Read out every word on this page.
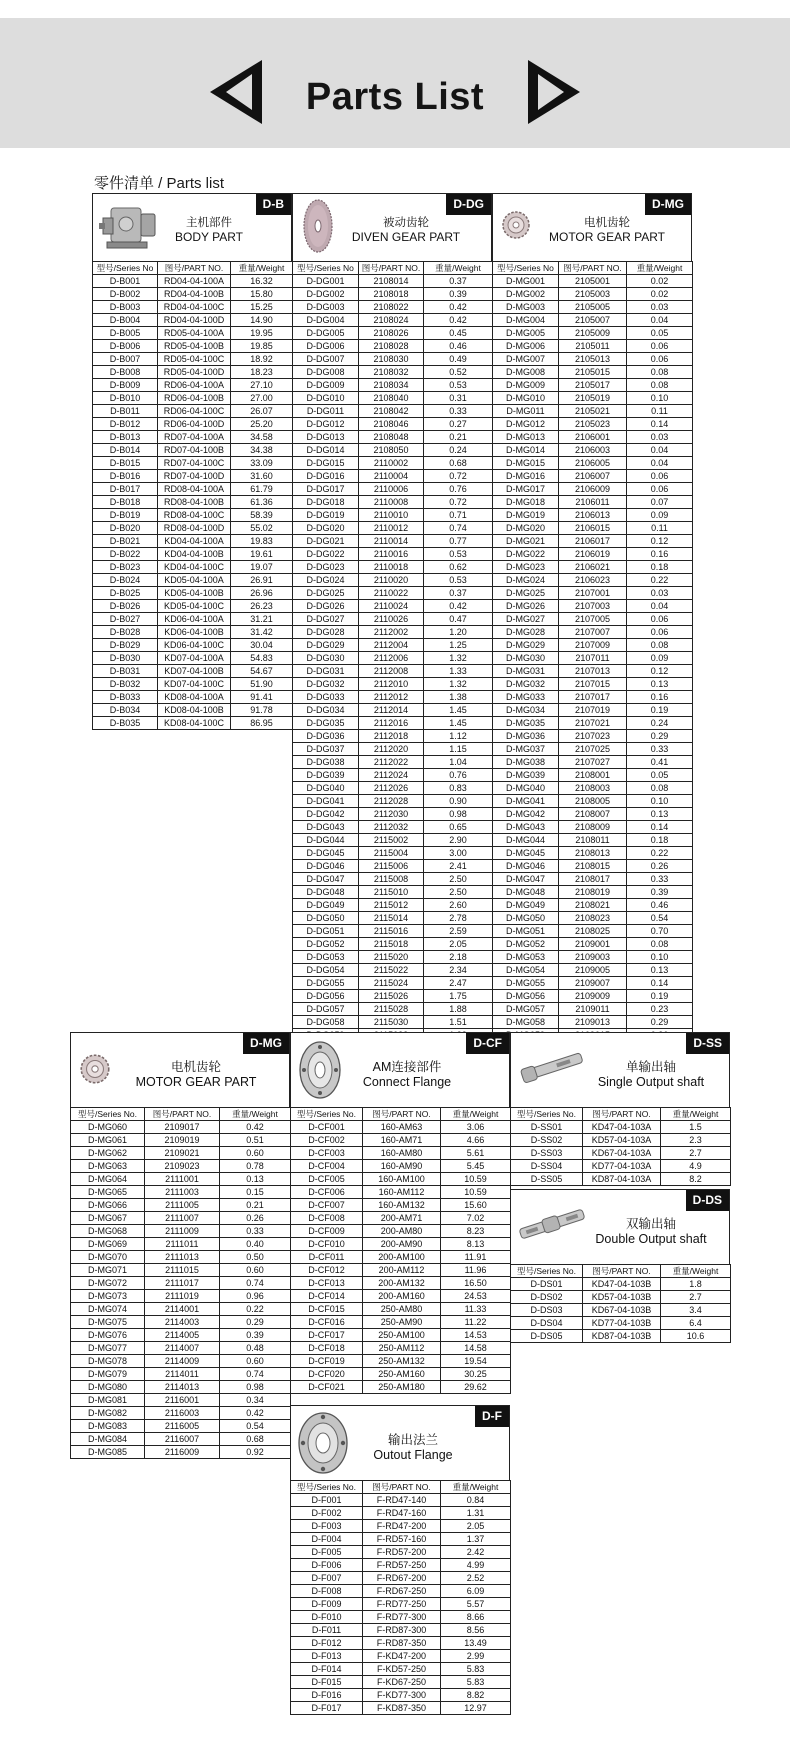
Parts List
零件清单 / Parts list
主机部件
BODY PART
D-B
型号/Series No	图号/PART NO.	重量/Weight
D-B001	RD04-04-100A	16.32
D-B002	RD04-04-100B	15.80
D-B003	RD04-04-100C	15.25
D-B004	RD04-04-100D	14.90
D-B005	RD05-04-100A	19.95
D-B006	RD05-04-100B	19.85
D-B007	RD05-04-100C	18.92
D-B008	RD05-04-100D	18.23
D-B009	RD06-04-100A	27.10
D-B010	RD06-04-100B	27.00
D-B011	RD06-04-100C	26.07
D-B012	RD06-04-100D	25.20
D-B013	RD07-04-100A	34.58
D-B014	RD07-04-100B	34.38
D-B015	RD07-04-100C	33.09
D-B016	RD07-04-100D	31.60
D-B017	RD08-04-100A	61.79
D-B018	RD08-04-100B	61.36
D-B019	RD08-04-100C	58.39
D-B020	RD08-04-100D	55.02
D-B021	KD04-04-100A	19.83
D-B022	KD04-04-100B	19.61
D-B023	KD04-04-100C	19.07
D-B024	KD05-04-100A	26.91
D-B025	KD05-04-100B	26.96
D-B026	KD05-04-100C	26.23
D-B027	KD06-04-100A	31.21
D-B028	KD06-04-100B	31.42
D-B029	KD06-04-100C	30.04
D-B030	KD07-04-100A	54.83
D-B031	KD07-04-100B	54.67
D-B032	KD07-04-100C	51.90
D-B033	KD08-04-100A	91.41
D-B034	KD08-04-100B	91.78
D-B035	KD08-04-100C	86.95
被动齿轮
DIVEN GEAR PART
D-DG
型号/Series No	图号/PART NO.	重量/Weight
D-DG001	2108014	0.37
D-DG002	2108018	0.39
D-DG003	2108022	0.42
D-DG004	2108024	0.42
D-DG005	2108026	0.45
D-DG006	2108028	0.46
D-DG007	2108030	0.49
D-DG008	2108032	0.52
D-DG009	2108034	0.53
D-DG010	2108040	0.31
D-DG011	2108042	0.33
D-DG012	2108046	0.27
D-DG013	2108048	0.21
D-DG014	2108050	0.24
D-DG015	2110002	0.68
D-DG016	2110004	0.72
D-DG017	2110006	0.76
D-DG018	2110008	0.72
D-DG019	2110010	0.71
D-DG020	2110012	0.74
D-DG021	2110014	0.77
D-DG022	2110016	0.53
D-DG023	2110018	0.62
D-DG024	2110020	0.53
D-DG025	2110022	0.37
D-DG026	2110024	0.42
D-DG027	2110026	0.47
D-DG028	2112002	1.20
D-DG029	2112004	1.25
D-DG030	2112006	1.32
D-DG031	2112008	1.33
D-DG032	2112010	1.32
D-DG033	2112012	1.38
D-DG034	2112014	1.45
D-DG035	2112016	1.45
D-DG036	2112018	1.12
D-DG037	2112020	1.15
D-DG038	2112022	1.04
D-DG039	2112024	0.76
D-DG040	2112026	0.83
D-DG041	2112028	0.90
D-DG042	2112030	0.98
D-DG043	2112032	0.65
D-DG044	2115002	2.90
D-DG045	2115004	3.00
D-DG046	2115006	2.41
D-DG047	2115008	2.50
D-DG048	2115010	2.50
D-DG049	2115012	2.60
D-DG050	2115014	2.78
D-DG051	2115016	2.59
D-DG052	2115018	2.05
D-DG053	2115020	2.18
D-DG054	2115022	2.34
D-DG055	2115024	2.47
D-DG056	2115026	1.75
D-DG057	2115028	1.88
D-DG058	2115030	1.51

电机齿轮
MOTOR GEAR PART
D-MG
型号/Series No	图号/PART NO.	重量/Weight
D-MG001	2105001	0.02
D-MG002	2105003	0.02
D-MG003	2105005	0.03
D-MG004	2105007	0.04
D-MG005	2105009	0.05
D-MG006	2105011	0.06
D-MG007	2105013	0.06
D-MG008	2105015	0.08
D-MG009	2105017	0.08
D-MG010	2105019	0.10
D-MG011	2105021	0.11
D-MG012	2105023	0.14
D-MG013	2106001	0.03
D-MG014	2106003	0.04
D-MG015	2106005	0.04
D-MG016	2106007	0.06
D-MG017	2106009	0.06
D-MG018	2106011	0.07
D-MG019	2106013	0.09
D-MG020	2106015	0.11
D-MG021	2106017	0.12
D-MG022	2106019	0.16
D-MG023	2106021	0.18
D-MG024	2106023	0.22
D-MG025	2107001	0.03
D-MG026	2107003	0.04
D-MG027	2107005	0.06
D-MG028	2107007	0.06
D-MG029	2107009	0.08
D-MG030	2107011	0.09
D-MG031	2107013	0.12
D-MG032	2107015	0.13
D-MG033	2107017	0.16
D-MG034	2107019	0.19
D-MG035	2107021	0.24
D-MG036	2107023	0.29
D-MG037	2107025	0.33
D-MG038	2107027	0.41
D-MG039	2108001	0.05
D-MG040	2108003	0.08
D-MG041	2108005	0.10
D-MG042	2108007	0.13
D-MG043	2108009	0.14
D-MG044	2108011	0.18
D-MG045	2108013	0.22
D-MG046	2108015	0.26
D-MG047	2108017	0.33
D-MG048	2108019	0.39
D-MG049	2108021	0.46
D-MG050	2108023	0.54
D-MG051	2108025	0.70
D-MG052	2109001	0.08
D-MG053	2109003	0.10
D-MG054	2109005	0.13
D-MG055	2109007	0.14
D-MG056	2109009	0.19
D-MG057	2109011	0.23
D-MG058	2109013	0.29

电机齿轮
MOTOR GEAR PART
D-MG
型号/Series No.	图号/PART NO.	重量/Weight
D-MG060	2109017	0.42
D-MG061	2109019	0.51
D-MG062	2109021	0.60
D-MG063	2109023	0.78
D-MG064	2111001	0.13
D-MG065	2111003	0.15
D-MG066	2111005	0.21
D-MG067	2111007	0.26
D-MG068	2111009	0.33
D-MG069	2111011	0.40
D-MG070	2111013	0.50
D-MG071	2111015	0.60
D-MG072	2111017	0.74
D-MG073	2111019	0.96
D-MG074	2114001	0.22
D-MG075	2114003	0.29
D-MG076	2114005	0.39
D-MG077	2114007	0.48
D-MG078	2114009	0.60
D-MG079	2114011	0.74
D-MG080	2114013	0.98
D-MG081	2116001	0.34
D-MG082	2116003	0.42
D-MG083	2116005	0.54
D-MG084	2116007	0.68
D-MG085	2116009	0.92
AM连接部件
Connect Flange
D-CF
型号/Series No.	图号/PART NO.	重量/Weight
D-CF001	160-AM63	3.06
D-CF002	160-AM71	4.66
D-CF003	160-AM80	5.61
D-CF004	160-AM90	5.45
D-CF005	160-AM100	10.59
D-CF006	160-AM112	10.59
D-CF007	160-AM132	15.60
D-CF008	200-AM71	7.02
D-CF009	200-AM80	8.23
D-CF010	200-AM90	8.13
D-CF011	200-AM100	11.91
D-CF012	200-AM112	11.96
D-CF013	200-AM132	16.50
D-CF014	200-AM160	24.53
D-CF015	250-AM80	11.33
D-CF016	250-AM90	11.22
D-CF017	250-AM100	14.53
D-CF018	250-AM112	14.58
D-CF019	250-AM132	19.54
D-CF020	250-AM160	30.25
D-CF021	250-AM180	29.62
单输出轴
Single Output shaft
D-SS
型号/Series No.	图号/PART NO.	重量/Weight
D-SS01	KD47-04-103A	1.5
D-SS02	KD57-04-103A	2.3
D-SS03	KD67-04-103A	2.7
D-SS04	KD77-04-103A	4.9
D-SS05	KD87-04-103A	8.2
双输出轴
Double Output shaft
D-DS
型号/Series No.	图号/PART NO.	重量/Weight
D-DS01	KD47-04-103B	1.8
D-DS02	KD57-04-103B	2.7
D-DS03	KD67-04-103B	3.4
D-DS04	KD77-04-103B	6.4
D-DS05	KD87-04-103B	10.6
输出法兰
Outout Flange
D-F
型号/Series No.	图号/PART NO.	重量/Weight
D-F001	F-RD47-140	0.84
D-F002	F-RD47-160	1.31
D-F003	F-RD47-200	2.05
D-F004	F-RD57-160	1.37
D-F005	F-RD57-200	2.42
D-F006	F-RD57-250	4.99
D-F007	F-RD67-200	2.52
D-F008	F-RD67-250	6.09
D-F009	F-RD77-250	5.57
D-F010	F-RD77-300	8.66
D-F011	F-RD87-300	8.56
D-F012	F-RD87-350	13.49
D-F013	F-KD47-200	2.99
D-F014	F-KD57-250	5.83
D-F015	F-KD67-250	5.83
D-F016	F-KD77-300	8.82
D-F017	F-KD87-350	12.97
